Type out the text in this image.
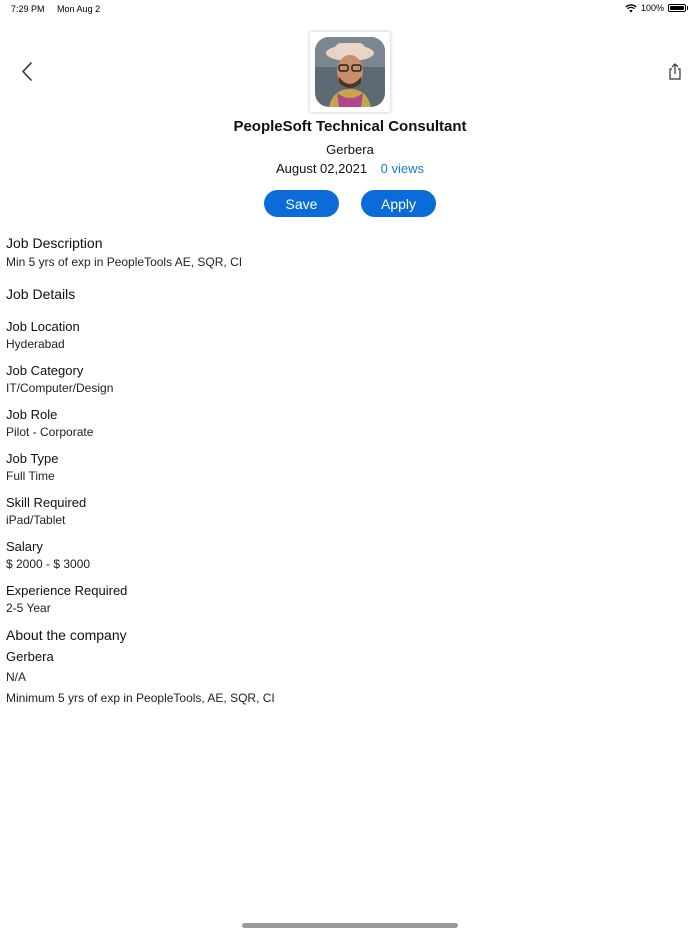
7:29 PM Mon Aug 2	100%
PeopleSoft Technical Consultant
Gerbera
August 02,2021 0 views
Save	Apply
Job Description
Min 5 yrs of exp in PeopleTools AE, SQR, CI
Job Details
Job Location
Hyderabad
Job Category
IT/Computer/Design
Job Role
Pilot - Corporate
Job Type
Full Time
Skill Required
iPad/Tablet
Salary
$ 2000 - $ 3000
Experience Required
2-5 Year
About the company
Gerbera
N/A
Minimum 5 yrs of exp in PeopleTools, AE, SQR, CI
